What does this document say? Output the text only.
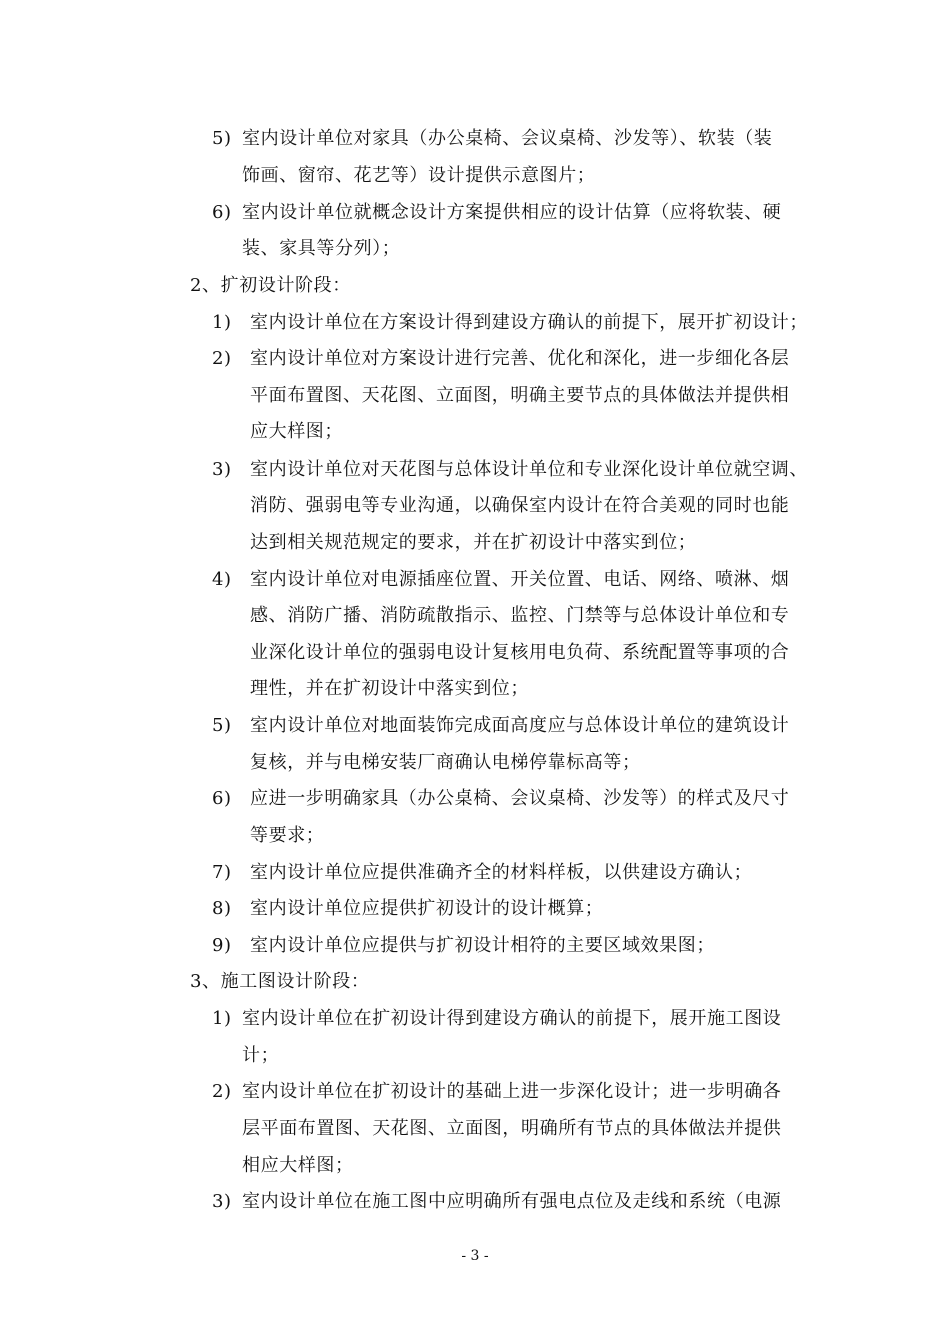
5) 室内设计单位对家具（办公桌椅、会议桌椅、沙发等）、软装（装
饰画、窗帘、花艺等）设计提供示意图片；
6) 室内设计单位就概念设计方案提供相应的设计估算（应将软装、硬
装、家具等分列）；
2、扩初设计阶段：
1) 室内设计单位在方案设计得到建设方确认的前提下，展开扩初设计；
2) 室内设计单位对方案设计进行完善、优化和深化，进一步细化各层
平面布置图、天花图、立面图，明确主要节点的具体做法并提供相
应大样图；
3) 室内设计单位对天花图与总体设计单位和专业深化设计单位就空调、
消防、强弱电等专业沟通，以确保室内设计在符合美观的同时也能
达到相关规范规定的要求，并在扩初设计中落实到位；
4) 室内设计单位对电源插座位置、开关位置、电话、网络、喷淋、烟
感、消防广播、消防疏散指示、监控、门禁等与总体设计单位和专
业深化设计单位的强弱电设计复核用电负荷、系统配置等事项的合
理性，并在扩初设计中落实到位；
5) 室内设计单位对地面装饰完成面高度应与总体设计单位的建筑设计
复核，并与电梯安装厂商确认电梯停靠标高等；
6) 应进一步明确家具（办公桌椅、会议桌椅、沙发等）的样式及尺寸
等要求；
7) 室内设计单位应提供准确齐全的材料样板，以供建设方确认；
8) 室内设计单位应提供扩初设计的设计概算；
9) 室内设计单位应提供与扩初设计相符的主要区域效果图；
3、施工图设计阶段：
1) 室内设计单位在扩初设计得到建设方确认的前提下，展开施工图设
计；
2) 室内设计单位在扩初设计的基础上进一步深化设计；进一步明确各
层平面布置图、天花图、立面图，明确所有节点的具体做法并提供
相应大样图；
3) 室内设计单位在施工图中应明确所有强电点位及走线和系统（电源
- 3 -
